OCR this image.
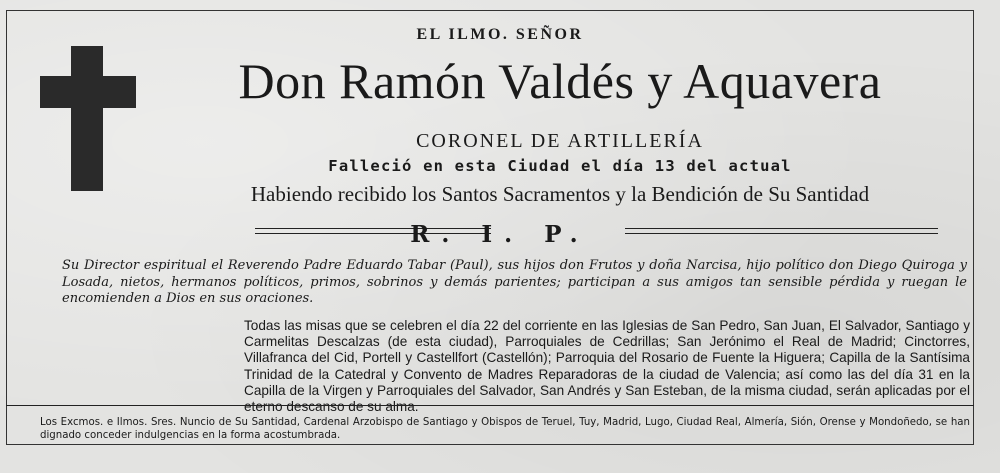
EL ILMO. SEÑOR
Don Ramón Valdés y Aquavera
CORONEL DE ARTILLERÍA
Falleció en esta Ciudad el día 13 del actual
Habiendo recibido los Santos Sacramentos y la Bendición de Su Santidad
R. I. P.
Su Director espiritual el Reverendo Padre Eduardo Tabar (Paul), sus hijos don Frutos y doña Narcisa, hijo político don Diego Quiroga y Losada, nietos, hermanos políticos, primos, sobrinos y demás parientes; participan a sus amigos tan sensible pérdida y ruegan le encomienden a Dios en sus oraciones.
Todas las misas que se celebren el día 22 del corriente en las Iglesias de San Pedro, San Juan, El Salvador, Santiago y Carmelitas Descalzas (de esta ciudad), Parroquiales de Cedrillas; San Jerónimo el Real de Madrid; Cinctorres, Villafranca del Cid, Portell y Castellfort (Castellón); Parroquia del Rosario de Fuente la Higuera; Capilla de la Santísima Trinidad de la Catedral y Convento de Madres Reparadoras de la ciudad de Valencia; así como las del día 31 en la Capilla de la Virgen y Parroquiales del Salvador, San Andrés y San Esteban, de la misma ciudad, serán aplicadas por el eterno descanso de su alma.
Los Excmos. e Ilmos. Sres. Nuncio de Su Santidad, Cardenal Arzobispo de Santiago y Obispos de Teruel, Tuy, Madrid, Lugo, Ciudad Real, Almería, Sión, Orense y Mondoñedo, se han dignado conceder indulgencias en la forma acostumbrada.
